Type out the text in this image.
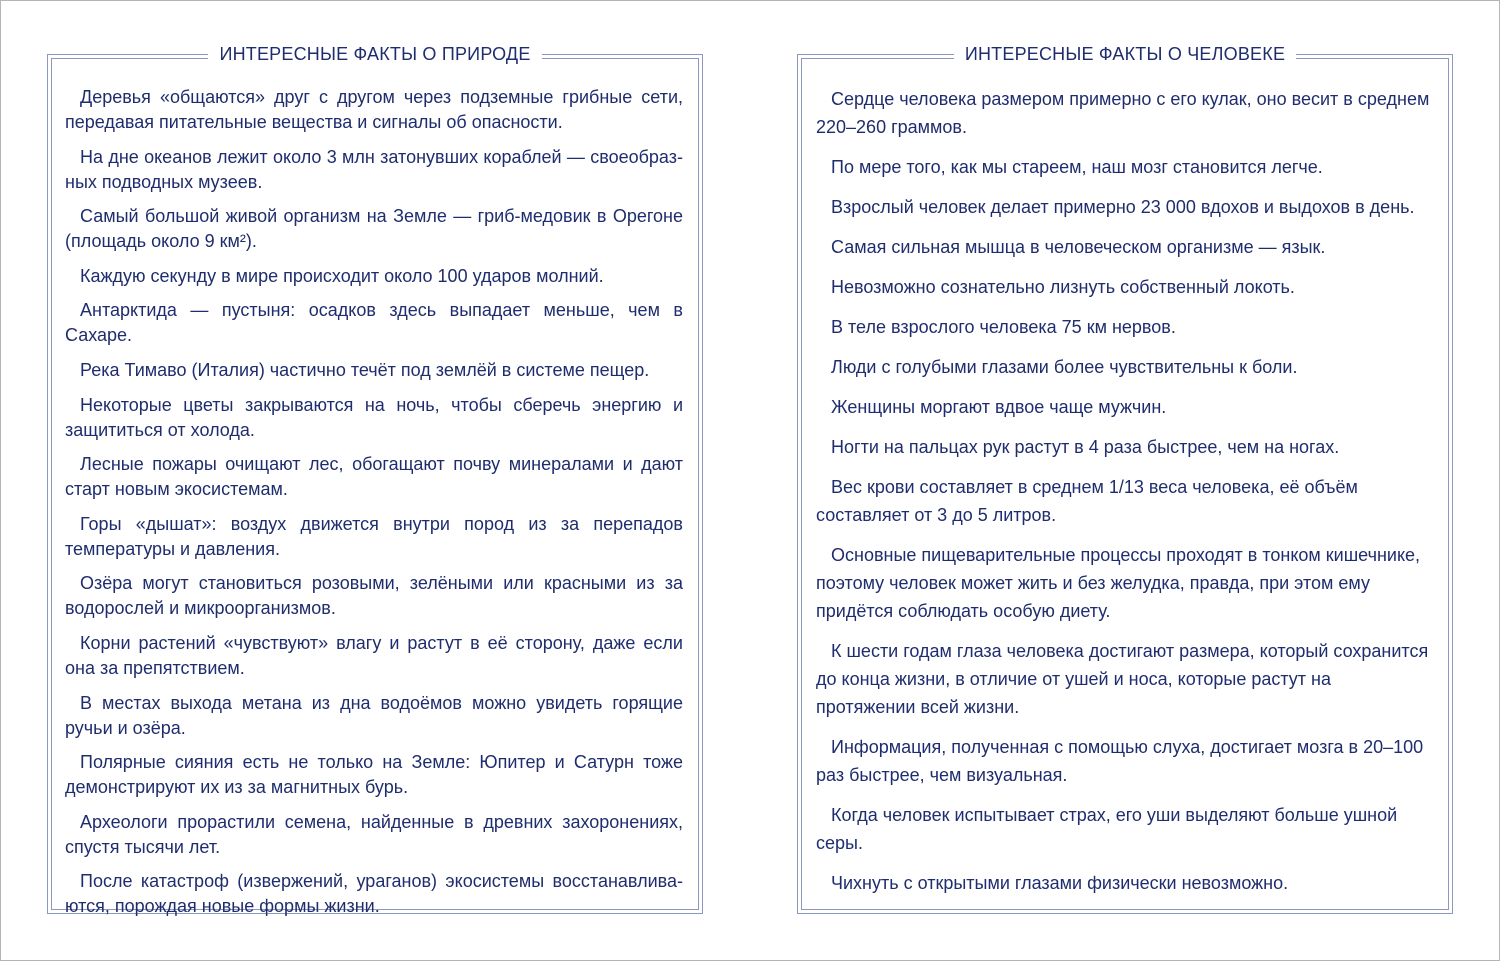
ИНТЕРЕСНЫЕ ФАКТЫ О ПРИРОДЕ

Деревья «общаются» друг с другом через подземные грибные сети, передавая питательные вещества и сигналы об опасности.

На дне океанов лежит около 3 млн затонувших кораблей — своеобразных подводных музеев.

Самый большой живой организм на Земле — гриб-медовик в Орегоне (площадь около 9 км²).

Каждую секунду в мире происходит около 100 ударов молний.

Антарктида — пустыня: осадков здесь выпадает меньше, чем в Сахаре.

Река Тимаво (Италия) частично течёт под землёй в системе пещер.

Некоторые цветы закрываются на ночь, чтобы сберечь энергию и защититься от холода.

Лесные пожары очищают лес, обогащают почву минералами и дают старт новым экосистемам.

Горы «дышат»: воздух движется внутри пород из за перепадов температуры и давления.

Озёра могут становиться розовыми, зелёными или красными из за водорослей и микроорганизмов.

Корни растений «чувствуют» влагу и растут в её сторону, даже если она за препятствием.

В местах выхода метана из дна водоёмов можно увидеть горящие ручьи и озёра.

Полярные сияния есть не только на Земле: Юпитер и Сатурн тоже демонстрируют их из за магнитных бурь.

Археологи прорастили семена, найденные в древних захоронениях, спустя тысячи лет.

После катастроф (извержений, ураганов) экосистемы восстанавливаются, порождая новые формы жизни.

ИНТЕРЕСНЫЕ ФАКТЫ О ЧЕЛОВЕКЕ

Сердце человека размером примерно с его кулак, оно весит в среднем 220–260 граммов.

По мере того, как мы стареем, наш мозг становится легче.

Взрослый человек делает примерно 23 000 вдохов и выдохов в день.

Самая сильная мышца в человеческом организме — язык.

Невозможно сознательно лизнуть собственный локоть.

В теле взрослого человека 75 км нервов.

Люди с голубыми глазами более чувствительны к боли.

Женщины моргают вдвое чаще мужчин.

Ногти на пальцах рук растут в 4 раза быстрее, чем на ногах.

Вес крови составляет в среднем 1/13 веса человека, её объём составляет от 3 до 5 литров.

Основные пищеварительные процессы проходят в тонком кишечнике, поэтому человек может жить и без желудка, правда, при этом ему придётся соблюдать особую диету.

К шести годам глаза человека достигают размера, который сохранится до конца жизни, в отличие от ушей и носа, которые растут на протяжении всей жизни.

Информация, полученная с помощью слуха, достигает мозга в 20–100 раз быстрее, чем визуальная.

Когда человек испытывает страх, его уши выделяют больше ушной серы.

Чихнуть с открытыми глазами физически невозможно.
